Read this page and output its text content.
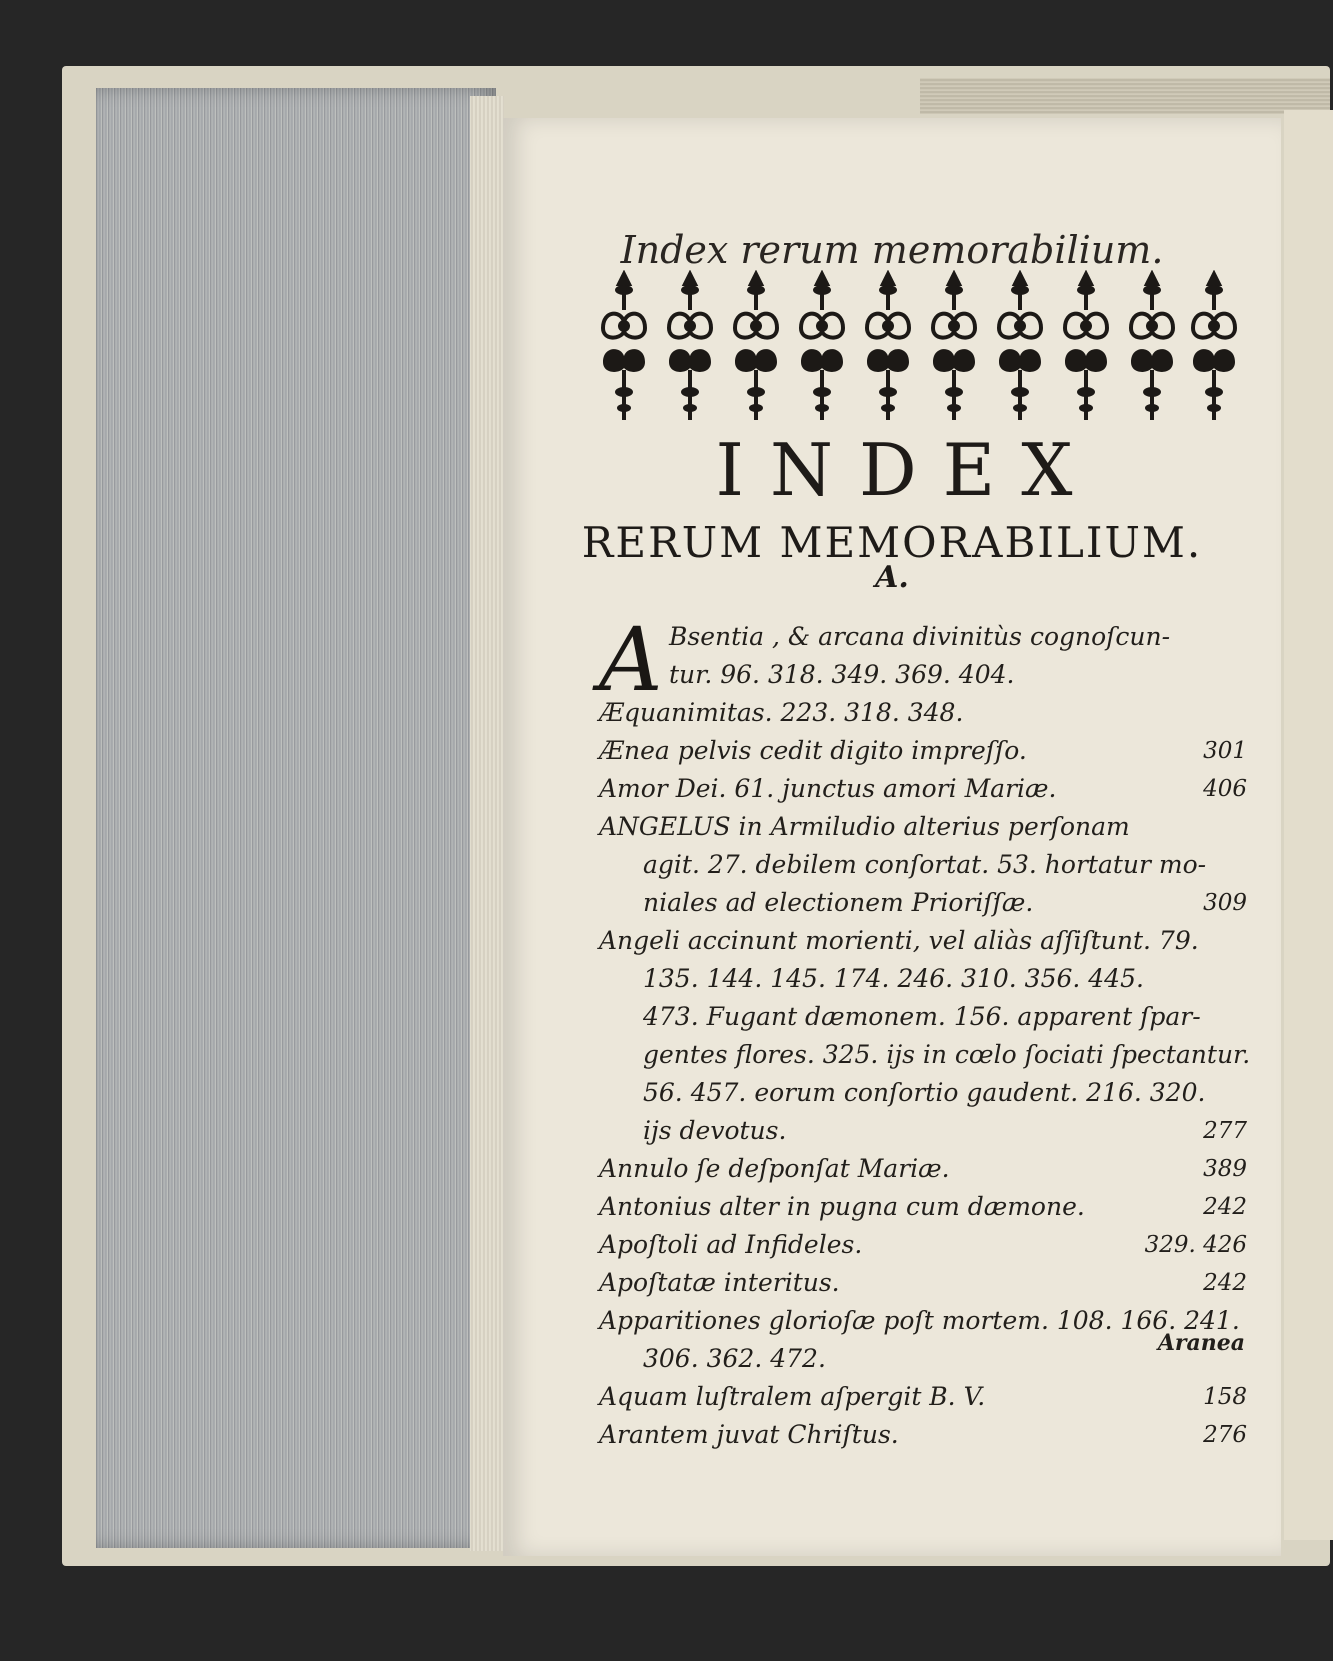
Index rerum memorabilium.
INDEX
RERUM MEMORABILIUM.
A.
A Bsentia , & arcana divinitùs cognoſcun-
tur. 96. 318. 349. 369. 404.
Æquanimitas. 223. 318. 348.
Ænea pelvis cedit digito impreſſo.	301
Amor Dei. 61. junctus amori Mariæ.	406
ANGELUS in Armiludio alterius perſonam
agit. 27. debilem conſortat. 53. hortatur mo-
niales ad electionem Prioriſſæ.	309
Angeli accinunt morienti, vel aliàs aſſiſtunt. 79.
135. 144. 145. 174. 246. 310. 356. 445.
473. Fugant dæmonem. 156. apparent ſpar-
gentes flores. 325. ijs in cœlo ſociati ſpectantur.
56. 457. eorum conſortio gaudent. 216. 320.
ijs devotus.	277
Annulo ſe deſponſat Mariæ.	389
Antonius alter in pugna cum dæmone.	242
Apoſtoli ad Infideles.	329. 426
Apoſtatæ interitus.	242
Apparitiones glorioſæ poſt mortem. 108. 166. 241.
306. 362. 472.
Aquam luſtralem aſpergit B. V.	158
Arantem juvat Chriſtus.	276
Aranea
